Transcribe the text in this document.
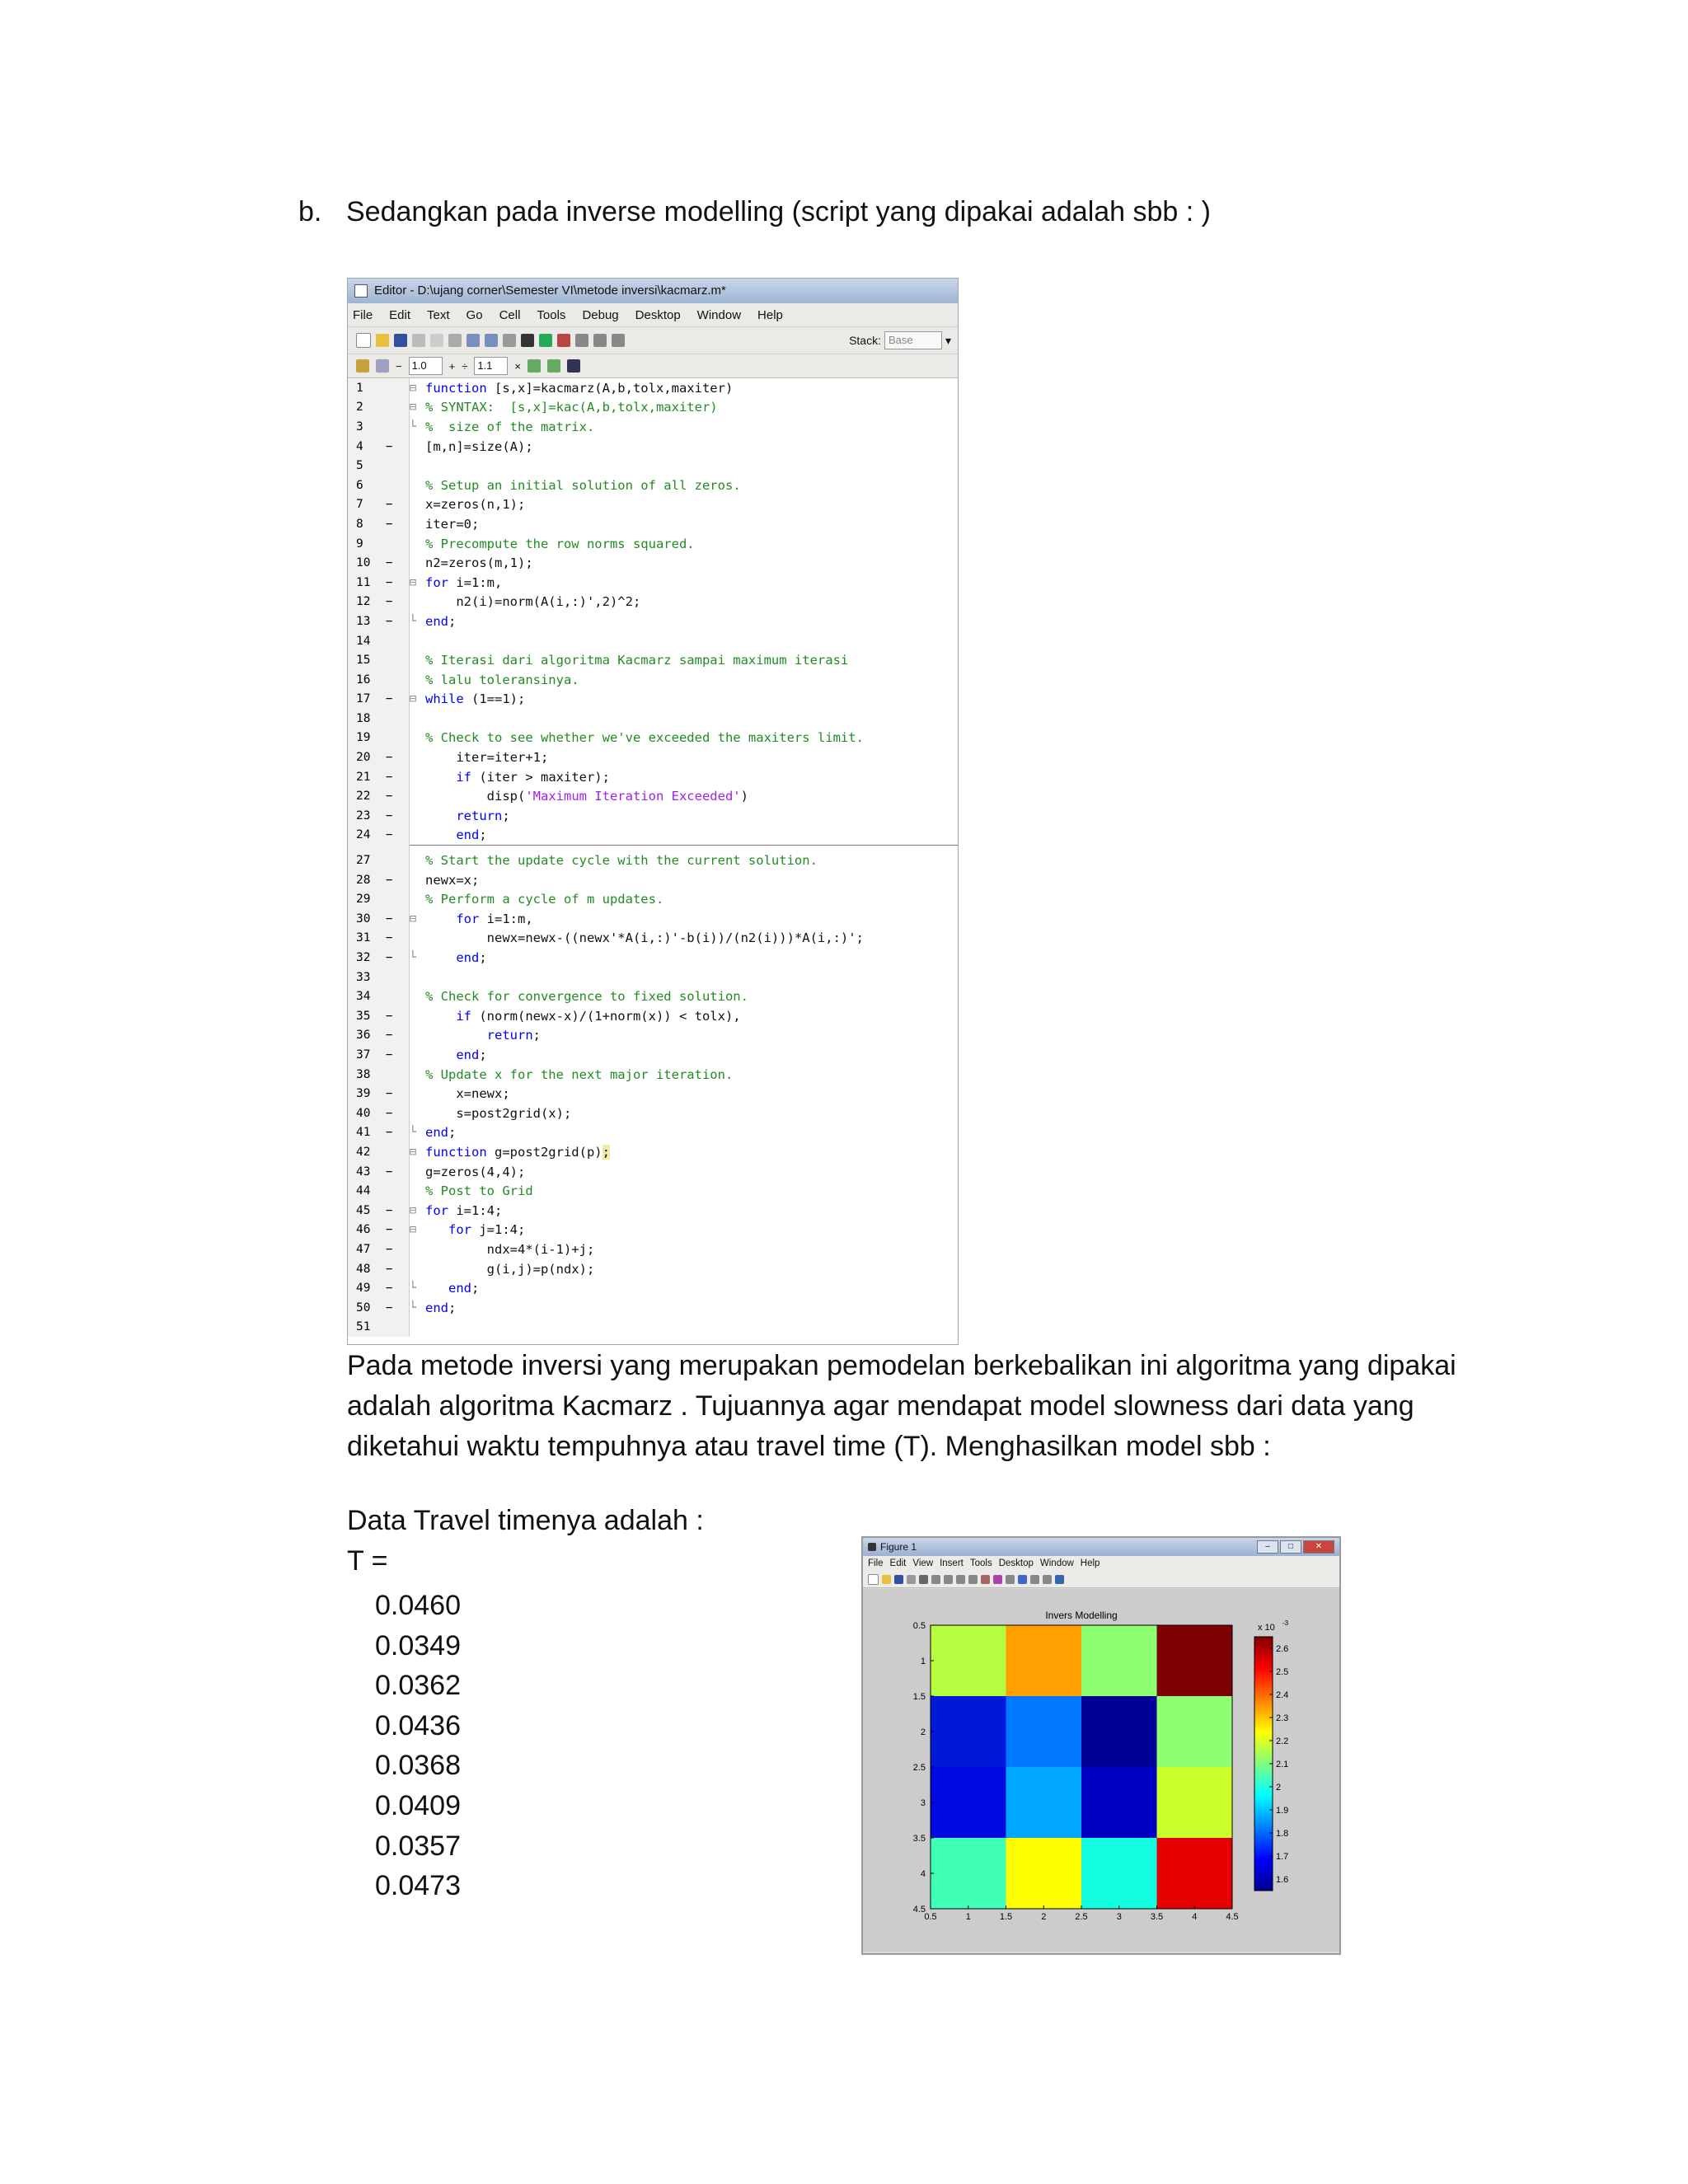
b. Sedangkan pada inverse modelling (script yang dipakai adalah sbb : )
Editor - D:\ujang corner\Semester VI\metode inversi\kacmarz.m*
File Edit Text Go Cell Tools Debug Desktop Window Help
Stack: Base	▾
− 1.0	+ ÷ 1.1	×
1	⊟ function [s,x]=kacmarz(A,b,tolx,maxiter)
2	⊟ % SYNTAX:  [s,x]=kac(A,b,tolx,maxiter)
3	└ %  size of the matrix.
4	−	[m,n]=size(A);
5
6	% Setup an initial solution of all zeros.
7	−	x=zeros(n,1);
8	−	iter=0;
9	% Precompute the row norms squared.
10	−	n2=zeros(m,1);
11	−	⊟ for i=1:m,
12	−	n2(i)=norm(A(i,:)',2)^2;
13	−	└ end;
14
15	% Iterasi dari algoritma Kacmarz sampai maximum iterasi
16	% lalu toleransinya.
17	−	⊟ while (1==1);
18
19	% Check to see whether we've exceeded the maxiters limit.
20	−	iter=iter+1;
21	−	if (iter > maxiter);
22	−	disp('Maximum Iteration Exceeded')
23	−	return;
24	−	end;
27	% Start the update cycle with the current solution.
28	−	newx=x;
29	% Perform a cycle of m updates.
30	−	⊟	for i=1:m,
31	−	newx=newx-((newx'*A(i,:)'-b(i))/(n2(i)))*A(i,:)';
32	−	└	end;
33
34	% Check for convergence to fixed solution.
35	−	if (norm(newx-x)/(1+norm(x)) < tolx),
36	−	return;
37	−	end;
38	% Update x for the next major iteration.
39	−	x=newx;
40	−	s=post2grid(x);
41	−	└ end;
42	⊟ function g=post2grid(p);
43	−	g=zeros(4,4);
44	% Post to Grid
45	−	⊟ for i=1:4;
46	−	⊟	for j=1:4;
47	−	ndx=4*(i-1)+j;
48	−	g(i,j)=p(ndx);
49	−	└	end;
50	−	└ end;
51
Pada metode inversi yang merupakan pemodelan berkebalikan ini algoritma yang dipakai adalah algoritma Kacmarz . Tujuannya agar mendapat model slowness dari data yang diketahui waktu tempuhnya atau travel time (T). Menghasilkan model sbb :
Data Travel timenya adalah :
T =
0.0460
0.0349
0.0362
0.0436
0.0368
0.0409
0.0357
0.0473
Figure 1	–	□	✕
File Edit View Insert Tools Desktop Window Help
Invers Modelling
0.5	1	1.5	2	2.5	3	3.5	4	4.5
0.5
1
1.5
2
2.5
3
3.5
4
4.5
2.6
2.5
2.4
2.3
2.2
2.1
2
1.9
1.8
1.7
1.6
x 10 -3
